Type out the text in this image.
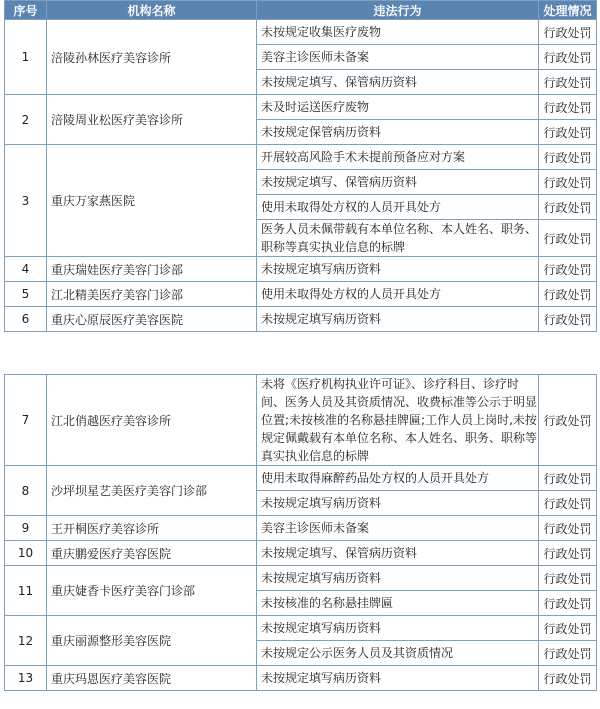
序号	机构名称	违法行为	处理情况
1	涪陵孙林医疗美容诊所	未按规定收集医疗废物	行政处罚
		美容主诊医师未备案	行政处罚
		未按规定填写、保管病历资料	行政处罚
2	涪陵周业松医疗美容诊所	未及时运送医疗废物	行政处罚
		未按规定保管病历资料	行政处罚
3	重庆万家燕医院	开展较高风险手术未提前预备应对方案	行政处罚
		未按规定填写、保管病历资料	行政处罚
		使用未取得处方权的人员开具处方	行政处罚
		医务人员未佩带载有本单位名称、本人姓名、职务、职称等真实执业信息的标牌	行政处罚
4	重庆瑞娃医疗美容门诊部	未按规定填写病历资料	行政处罚
5	江北精美医疗美容门诊部	使用未取得处方权的人员开具处方	行政处罚
6	重庆心原辰医疗美容医院	未按规定填写病历资料	行政处罚
7	江北俏越医疗美容诊所	未将《医疗机构执业许可证》、诊疗科目、诊疗时间、医务人员及其资质情况、收费标准等公示于明显位置;未按核准的名称悬挂牌匾;工作人员上岗时,未按规定佩戴载有本单位名称、本人姓名、职务、职称等真实执业信息的标牌	行政处罚
8	沙坪坝星艺美医疗美容门诊部	使用未取得麻醉药品处方权的人员开具处方	行政处罚
		未按规定填写病历资料	行政处罚
9	王开桐医疗美容诊所	美容主诊医师未备案	行政处罚
10	重庆鹏爱医疗美容医院	未按规定填写、保管病历资料	行政处罚
11	重庆婕香卡医疗美容门诊部	未按规定填写病历资料	行政处罚
		未按核准的名称悬挂牌匾	行政处罚
12	重庆丽源整形美容医院	未按规定填写病历资料	行政处罚
		未按规定公示医务人员及其资质情况	行政处罚
13	重庆玛恩医疗美容医院	未按规定填写病历资料	行政处罚
